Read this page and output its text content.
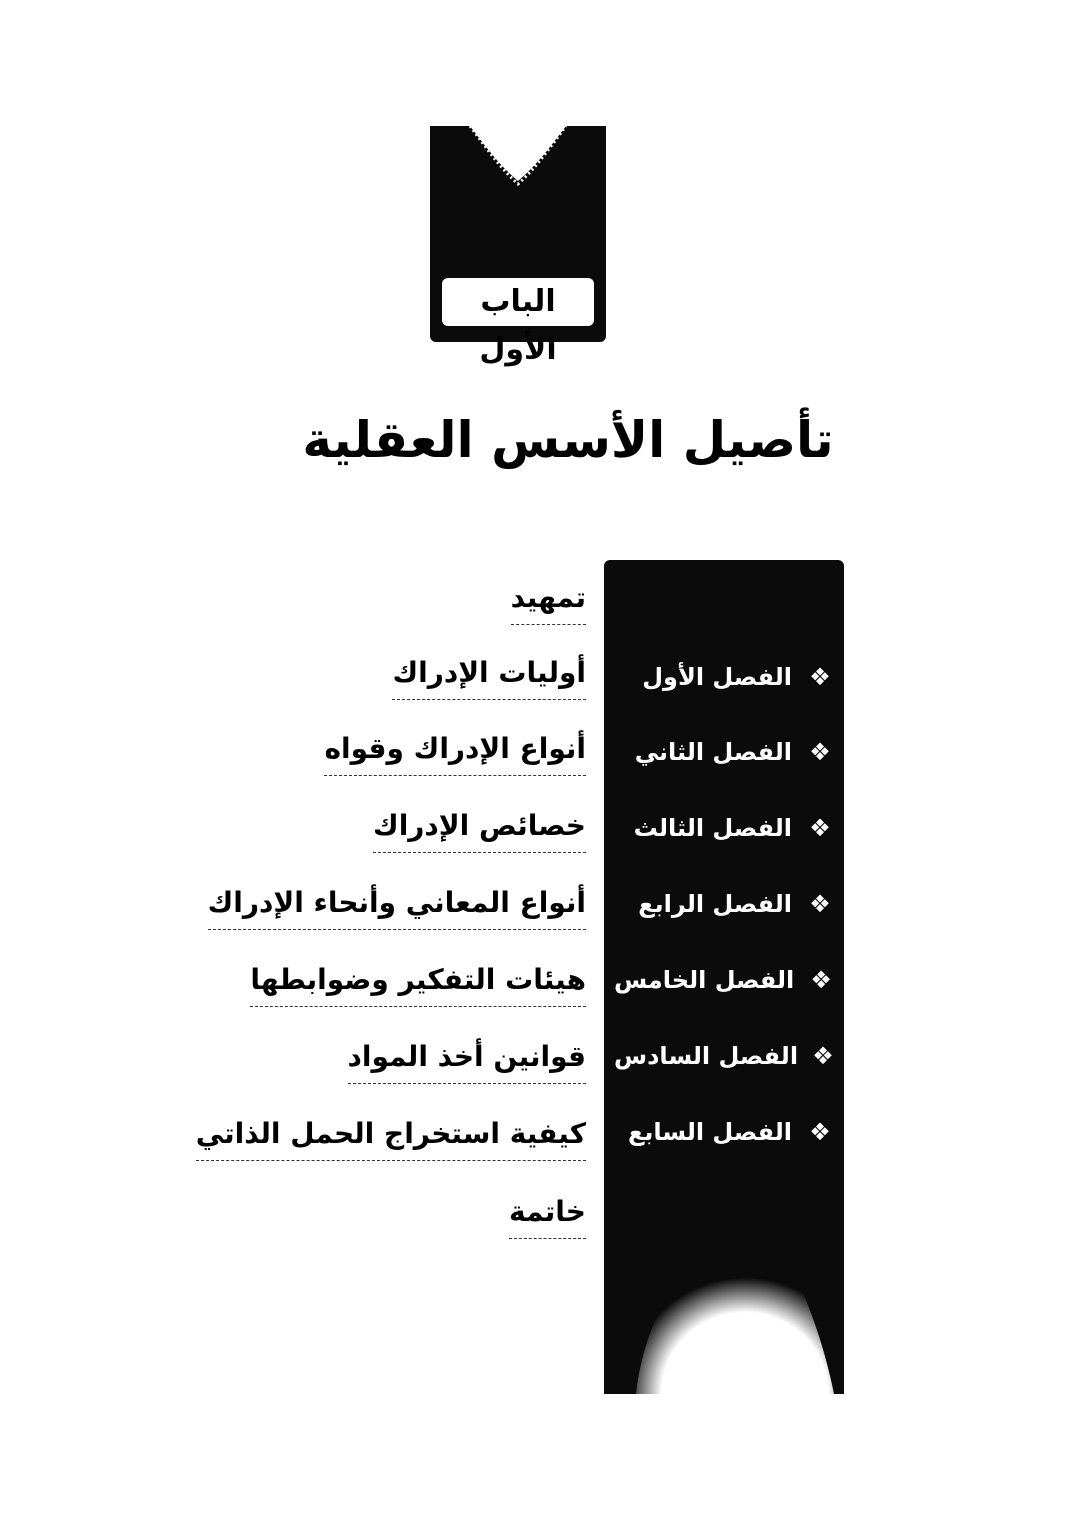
الباب الأول
تأصيل الأسس العقلية
❖
الفصل الأول
❖
الفصل الثاني
❖
الفصل الثالث
❖
الفصل الرابع
❖
الفصل الخامس
❖
الفصل السادس
❖
الفصل السابع
تمهيد
أوليات الإدراك
أنواع الإدراك وقواه
خصائص الإدراك
أنواع المعاني وأنحاء الإدراك
هيئات التفكير وضوابطها
قوانين أخذ المواد
كيفية استخراج الحمل الذاتي
خاتمة
